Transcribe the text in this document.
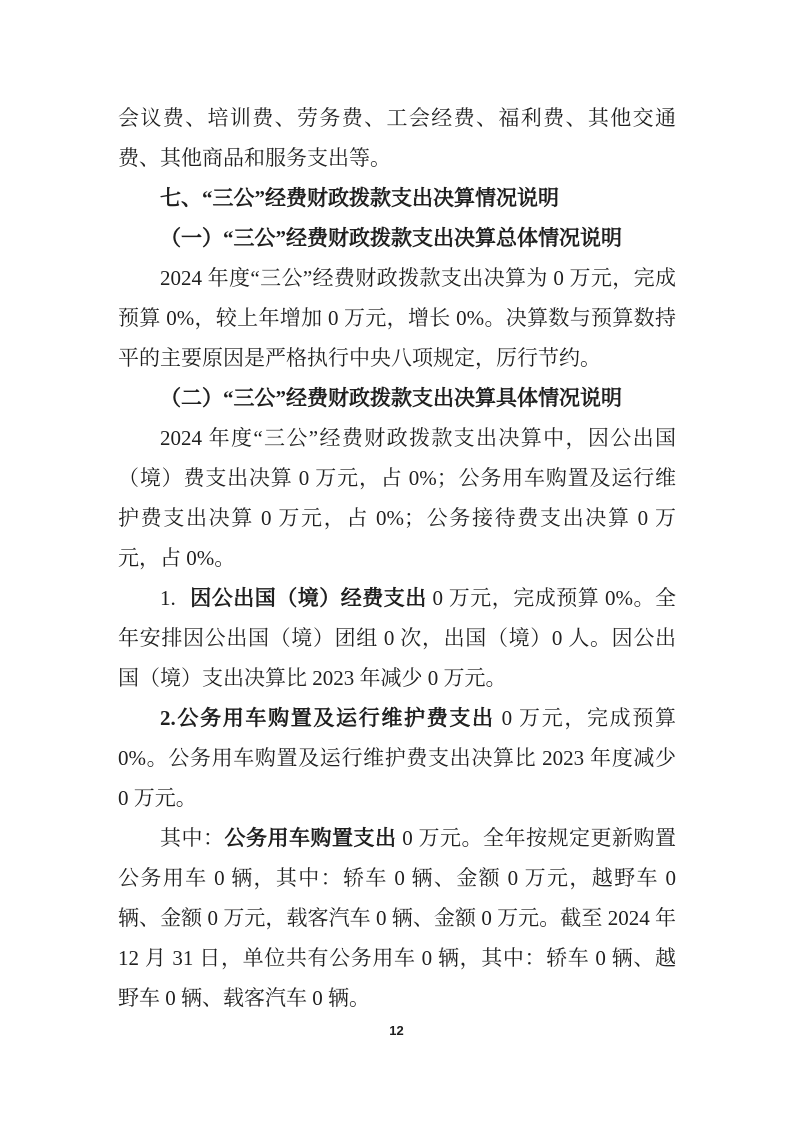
会议费、培训费、劳务费、工会经费、福利费、其他交通费、其他商品和服务支出等。

七、“三公”经费财政拨款支出决算情况说明
（一）“三公”经费财政拨款支出决算总体情况说明

2024 年度“三公”经费财政拨款支出决算为 0 万元，完成预算 0%，较上年增加 0 万元，增长 0%。决算数与预算数持平的主要原因是严格执行中央八项规定，厉行节约。

（二）“三公”经费财政拨款支出决算具体情况说明

2024 年度“三公”经费财政拨款支出决算中，因公出国（境）费支出决算 0 万元，占 0%；公务用车购置及运行维护费支出决算 0 万元，占 0%；公务接待费支出决算 0 万元，占 0%。

1. 因公出国（境）经费支出 0 万元，完成预算 0%。全年安排因公出国（境）团组 0 次，出国（境）0 人。因公出国（境）支出决算比 2023 年减少 0 万元。

2.公务用车购置及运行维护费支出 0 万元，完成预算 0%。公务用车购置及运行维护费支出决算比 2023 年度减少 0 万元。

其中：公务用车购置支出 0 万元。全年按规定更新购置公务用车 0 辆，其中：轿车 0 辆、金额 0 万元，越野车 0 辆、金额 0 万元，载客汽车 0 辆、金额 0 万元。截至 2024 年 12 月 31 日，单位共有公务用车 0 辆，其中：轿车 0 辆、越野车 0 辆、载客汽车 0 辆。

12
